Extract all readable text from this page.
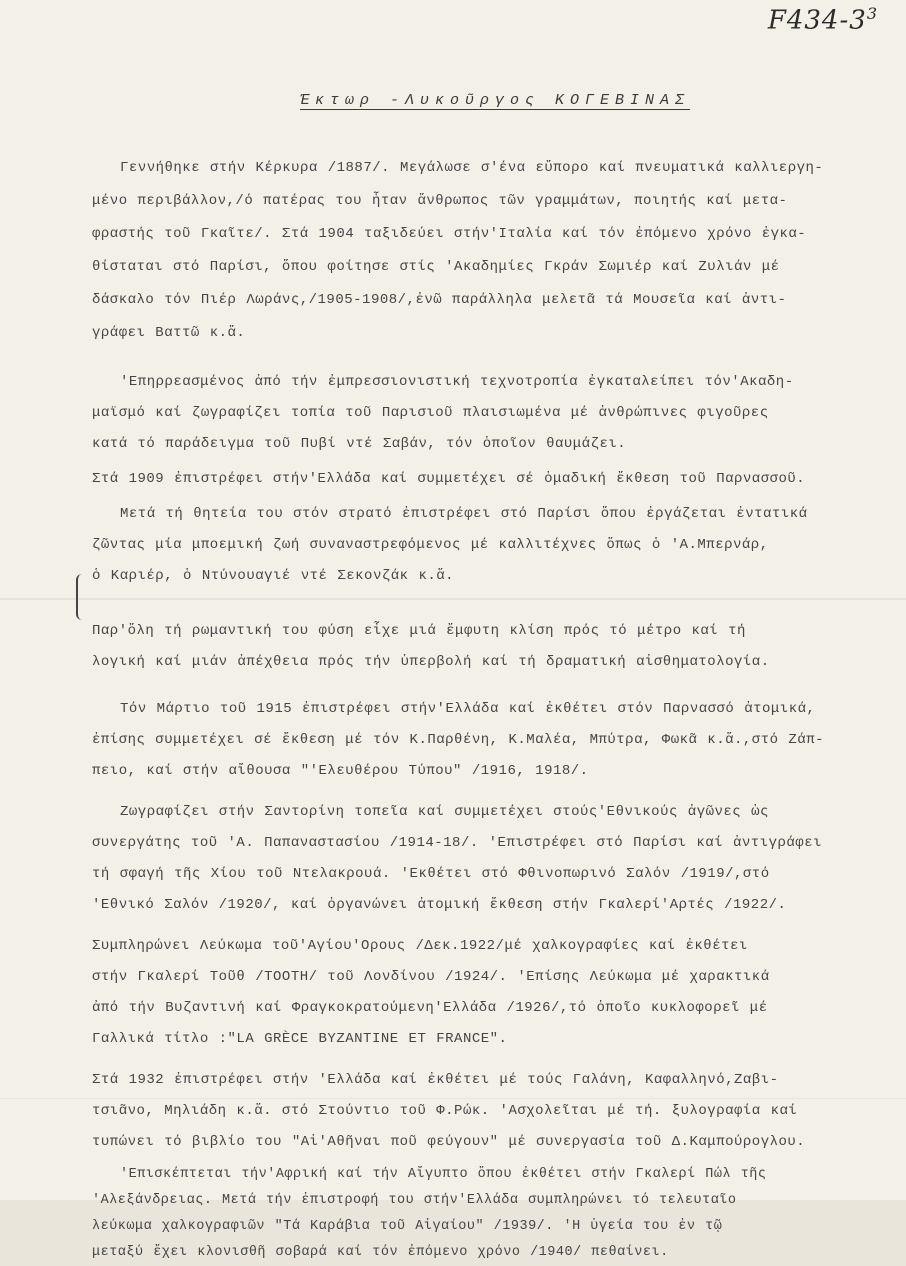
$F434-3^3$
Έκτωρ -Λυκοῦργος ΚΟΓΕΒΙΝΑΣ
Γεννήθηκε στήν Κέρκυρα /1887/. Μεγάλωσε σ'ένα εὔπορο καί πνευματικά καλλιεργη-
μένο περιβάλλον,/ό πατέρας του ἦταν ἄνθρωπος τῶν γραμμάτων, ποιητής καί μετα-
φραστής τοῦ Γκαῖτε/. Στά 1904 ταξιδεύει στήν'Ιταλία καί τόν ἐπόμενο χρόνο ἐγκα-
θίσταται στό Παρίσι, ὅπου φοίτησε στίς 'Ακαδημίες Γκράν Σωμιέρ καί Ζυλιάν μέ
δάσκαλο τόν Πιέρ Λωράνς,/1905-1908/,ἐνῶ παράλληλα μελετᾶ τά Μουσεῖα καί ἀντι-
γράφει Βαττῶ κ.ἅ.
'Επηρρεασμένος ἀπό τήν ἐμπρεσσιονιστική τεχνοτροπία ἐγκαταλείπει τόν'Ακαδη-
μαϊσμό καί ζωγραφίζει τοπία τοῦ Παρισιοῦ πλαισιωμένα μέ ἀνθρώπινες φιγοῦρες
κατά τό παράδειγμα τοῦ Πυβί ντέ Σαβάν, τόν ὁποῖον θαυμάζει.
Στά 1909 ἐπιστρέφει στήν'Ελλάδα καί συμμετέχει σέ ὁμαδική ἔκθεση τοῦ Παρνασσοῦ.
Μετά τή θητεία του στόν στρατό ἐπιστρέφει στό Παρίσι ὅπου ἐργάζεται ἐντατικά
ζῶντας μία μποεμική ζωή συναναστρεφόμενος μέ καλλιτέχνες ὅπως ὁ 'Α.Μπερνάρ,
ὁ Καριέρ, ὁ Ντύνουαγιέ ντέ Σεκονζάκ κ.ἅ.
Παρ'ὅλη τή ρωμαντική του φύση εἶχε μιά ἔμφυτη κλίση πρός τό μέτρο καί τή
λογική καί μιάν ἀπέχθεια πρός τήν ὑπερβολή καί τή δραματική αἰσθηματολογία.
Τόν Μάρτιο τοῦ 1915 ἐπιστρέφει στήν'Ελλάδα καί ἐκθέτει στόν Παρνασσό ἀτομικά,
ἐπίσης συμμετέχει σέ ἔκθεση μέ τόν Κ.Παρθένη, Κ.Μαλέα, Μπύτρα, Φωκᾶ κ.ἅ.,στό Ζάπ-
πειο, καί στήν αἴθουσα "'Ελευθέρου Τύπου" /1916, 1918/.
Ζωγραφίζει στήν Σαντορίνη τοπεῖα καί συμμετέχει στούς'Εθνικούς ἀγῶνες ὡς
συνεργάτης τοῦ 'Α. Παπαναστασίου /1914-18/. 'Επιστρέφει στό Παρίσι καί ἀντιγράφει
τή σφαγή τῆς Χίου τοῦ Ντελακρουά. 'Εκθέτει στό Φθινοπωρινό Σαλόν /1919/,στό
'Εθνικό Σαλόν /1920/, καί ὀργανώνει ἀτομική ἔκθεση στήν Γκαλερί'Αρτές /1922/.
Συμπληρώνει Λεύκωμα τοῦ'Αγίου'Ορους /Δεκ.1922/μέ χαλκογραφίες καί ἐκθέτει
στήν Γκαλερί Τοῦθ /TOOTH/ τοῦ Λονδίνου /1924/. 'Επίσης Λεύκωμα μέ χαρακτικά
ἀπό τήν Βυζαντινή καί Φραγκοκρατούμενη'Ελλάδα /1926/,τό ὁποῖο κυκλοφορεῖ μέ
Γαλλικά τίτλο :"LA GRÈCE BYZANTINE ET FRANCE".
Στά 1932 ἐπιστρέφει στήν 'Ελλάδα καί ἐκθέτει μέ τούς Γαλάνη, Καφαλληνό,Ζαβι-
τσιᾶνο, Μηλιάδη κ.ἅ. στό Στούντιο τοῦ Φ.Ρώκ. 'Ασχολεῖται μέ τή. ξυλογραφία καί
τυπώνει τό βιβλίο του "Αἱ'Αθῆναι ποῦ φεύγουν" μέ συνεργασία τοῦ Δ.Καμπούρογλου.
'Επισκέπτεται τήν'Αφρική καί τήν Αἴγυπτο ὅπου ἐκθέτει στήν Γκαλερί Πώλ τῆς
'Αλεξάνδρειας. Μετά τήν ἐπιστροφή του στήν'Ελλάδα συμπληρώνει τό τελευταῖο
λεύκωμα χαλκογραφιῶν "Τά Καράβια τοῦ Αἰγαίου" /1939/. 'Η ὑγεία του ἐν τῷ
μεταξύ ἔχει κλονισθῆ σοβαρά καί τόν ἐπόμενο χρόνο /1940/ πεθαίνει.
